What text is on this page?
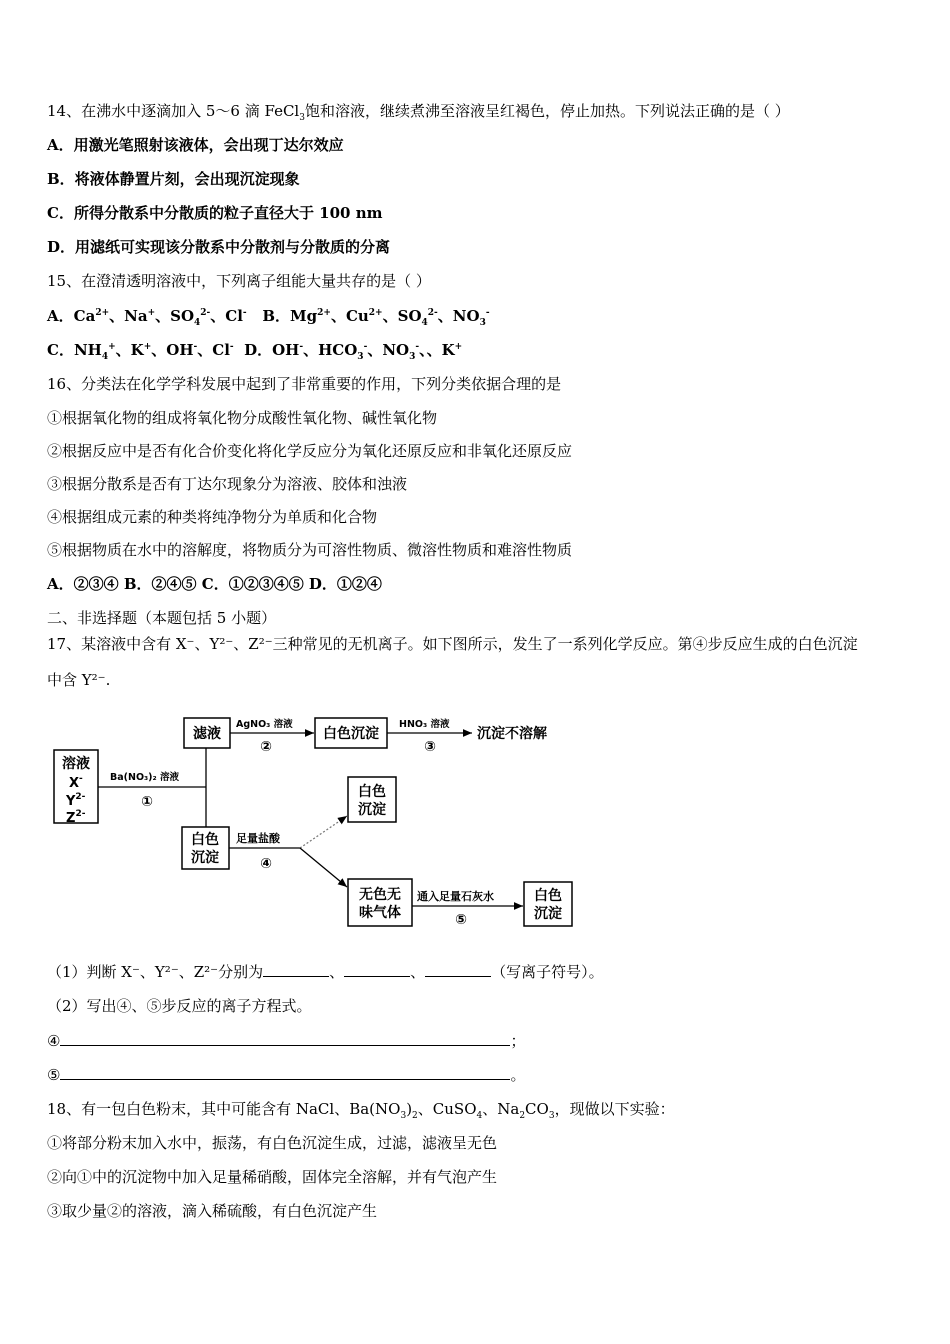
14、在沸水中逐滴加入 5～6 滴 FeCl$_3$饱和溶液，继续煮沸至溶液呈红褐色，停止加热。下列说法正确的是（ ）
A．用激光笔照射该液体，会出现丁达尔效应
B．将液体静置片刻，会出现沉淀现象
C．所得分散系中分散质的粒子直径大于 100 nm
D．用滤纸可实现该分散系中分散剂与分散质的分离
15、在澄清透明溶液中，下列离子组能大量共存的是（ ）
A．$Ca^{2+}$、Na+、$SO_4^{2-}$、Cl- B．$Mg^{2+}$、$Cu^{2+}$、$SO_4^{2-}$、$NO_3^-$
C．$NH_4^+$、K+、OH-、Cl- D．OH-、$HCO_3^-$、$NO_3^-$、、K+
16、分类法在化学学科发展中起到了非常重要的作用，下列分类依据合理的是
①根据氧化物的组成将氧化物分成酸性氧化物、碱性氧化物
②根据反应中是否有化合价变化将化学反应分为氧化还原反应和非氧化还原反应
③根据分散系是否有丁达尔现象分为溶液、胶体和浊液
④根据组成元素的种类将纯净物分为单质和化合物
⑤根据物质在水中的溶解度，将物质分为可溶性物质、微溶性物质和难溶性物质
A．②③④ B．②④⑤ C．①②③④⑤ D．①②④
二、非选择题（本题包括 5 小题）
17、某溶液中含有 X⁻、Y²⁻、Z²⁻三种常见的无机离子。如下图所示，发生了一系列化学反应。第④步反应生成的白色沉淀
中含 Y²⁻.
溶液
X-
$Y^{2-}$
$Z^{2-}$
滤液	白色沉淀
白色
沉淀
白色
沉淀
无色无
味气体
白色
沉淀
沉淀不溶解
Ba(NO₃)₂ 溶液
①
AgNO₃ 溶液
②
HNO₃ 溶液
③
足量盐酸
④
通入足量石灰水
⑤
（1）判断 X⁻、Y²⁻、Z²⁻分别为	、	、	（写离子符号）。
（2）写出④、⑤步反应的离子方程式。
④	；
⑤	。
18、有一包白色粉末，其中可能含有 NaCl、$Ba(NO_3)_2$、CuSO$_4$、$Na_2CO_3$，现做以下实验：
①将部分粉末加入水中，振荡，有白色沉淀生成，过滤，滤液呈无色
②向①中的沉淀物中加入足量稀硝酸，固体完全溶解，并有气泡产生
③取少量②的溶液，滴入稀硫酸，有白色沉淀产生
